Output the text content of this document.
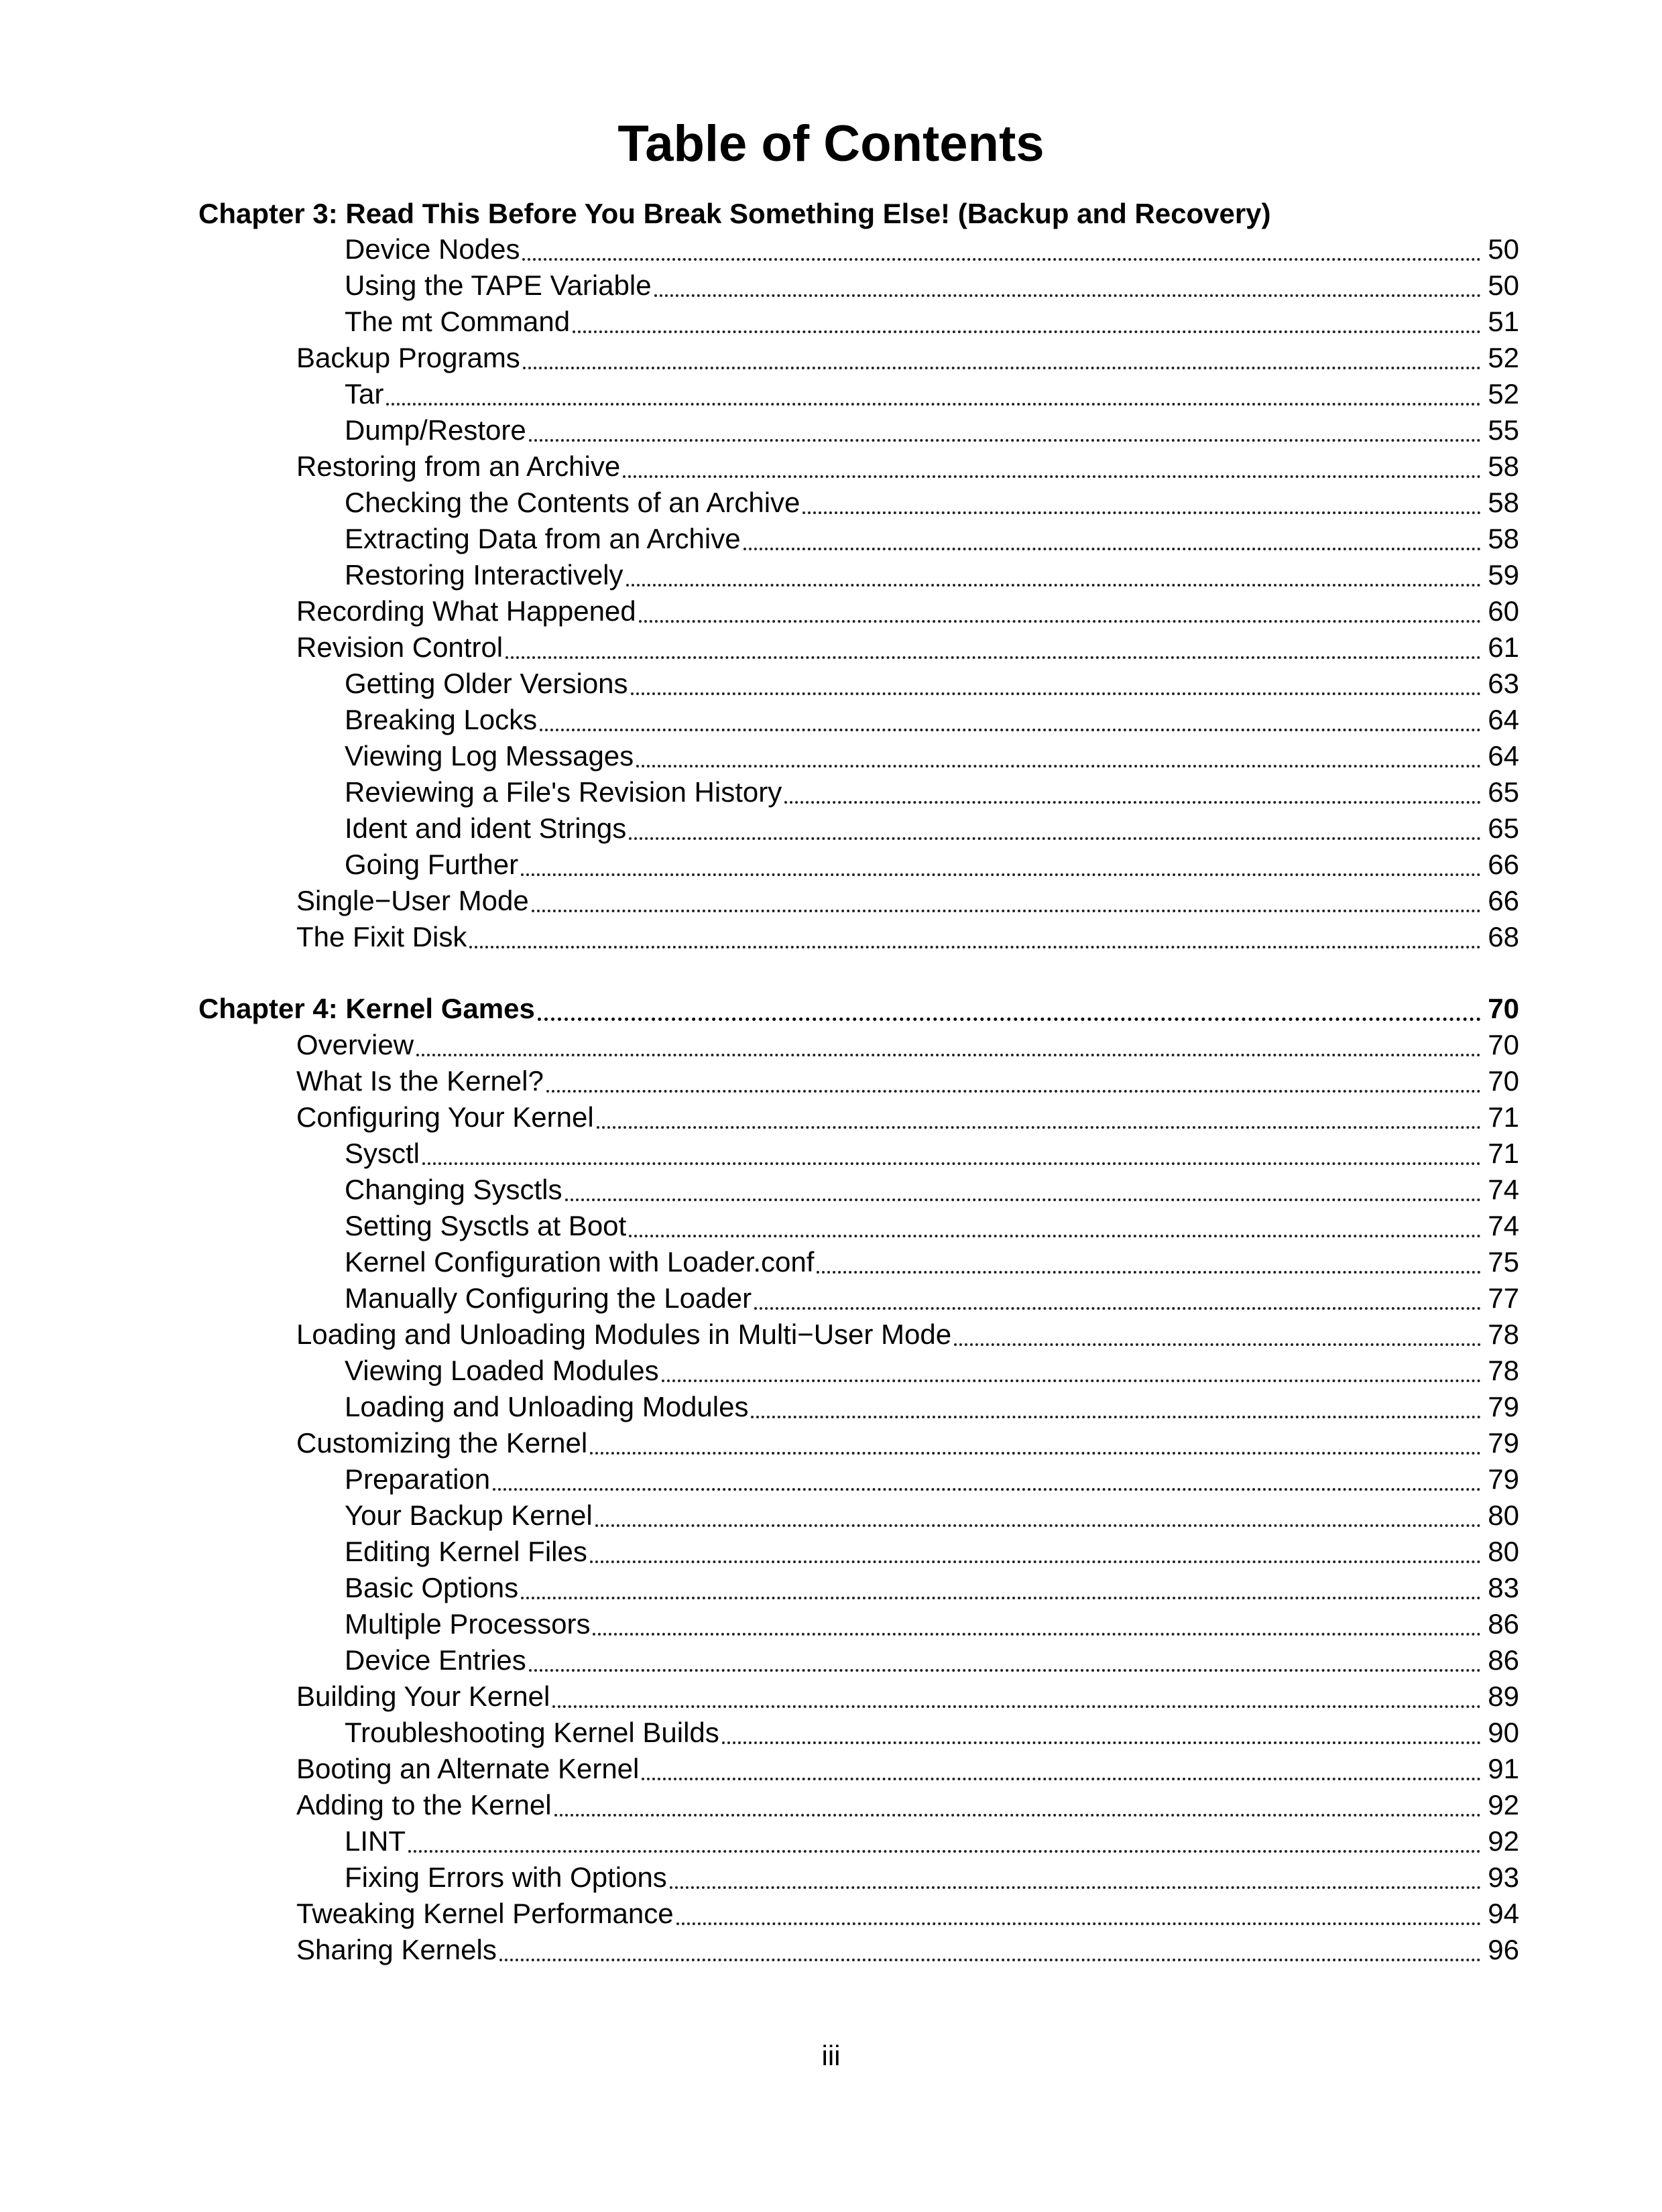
Table of Contents
Chapter 3: Read This Before You Break Something Else! (Backup and Recovery)
Device Nodes	50
Using the TAPE Variable	50
The mt Command	51
Backup Programs	52
Tar	52
Dump/Restore	55
Restoring from an Archive	58
Checking the Contents of an Archive	58
Extracting Data from an Archive	58
Restoring Interactively	59
Recording What Happened	60
Revision Control	61
Getting Older Versions	63
Breaking Locks	64
Viewing Log Messages	64
Reviewing a File's Revision History	65
Ident and ident Strings	65
Going Further	66
Single−User Mode	66
The Fixit Disk	68
Chapter 4: Kernel Games	70
Overview	70
What Is the Kernel?	70
Configuring Your Kernel	71
Sysctl	71
Changing Sysctls	74
Setting Sysctls at Boot	74
Kernel Configuration with Loader.conf	75
Manually Configuring the Loader	77
Loading and Unloading Modules in Multi−User Mode	78
Viewing Loaded Modules	78
Loading and Unloading Modules	79
Customizing the Kernel	79
Preparation	79
Your Backup Kernel	80
Editing Kernel Files	80
Basic Options	83
Multiple Processors	86
Device Entries	86
Building Your Kernel	89
Troubleshooting Kernel Builds	90
Booting an Alternate Kernel	91
Adding to the Kernel	92
LINT	92
Fixing Errors with Options	93
Tweaking Kernel Performance	94
Sharing Kernels	96
iii
